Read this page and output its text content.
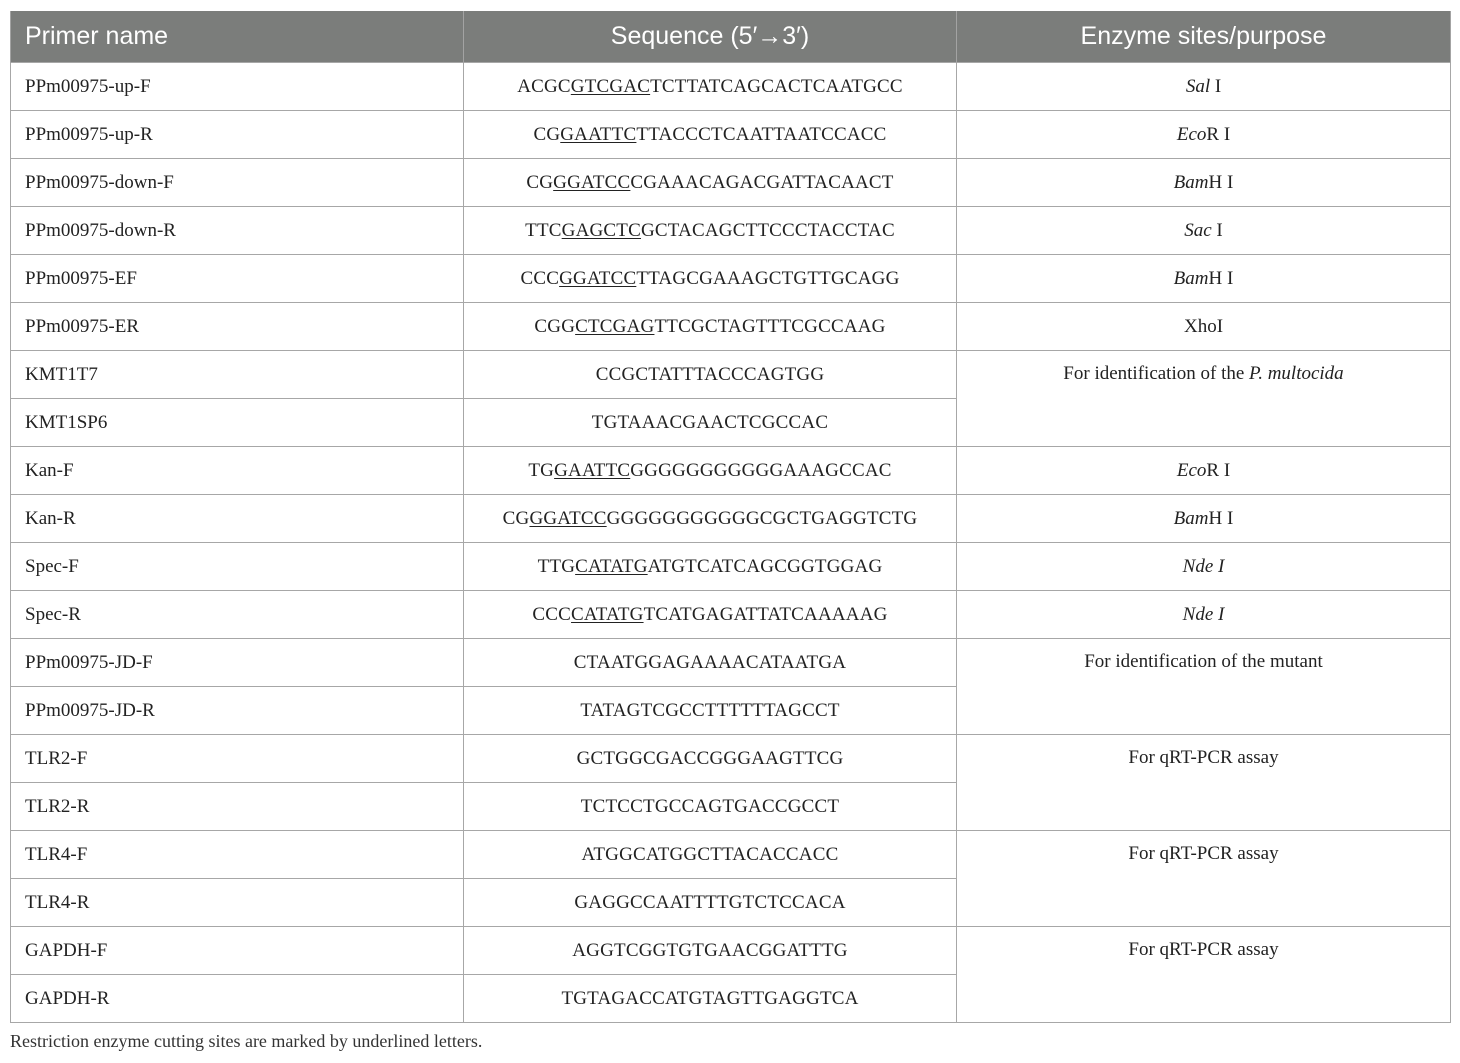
Primer name	Sequence (5′→3′)	Enzyme sites/purpose
PPm00975-up-F	ACGCGTCGACTCTTATCAGCACTCAATGCC	Sal I
PPm00975-up-R	CGGAATTCTTACCCTCAATTAATCCACC	EcoR I
PPm00975-down-F	CGGGATCCCGAAACAGACGATTACAACT	BamH I
PPm00975-down-R	TTCGAGCTCGCTACAGCTTCCCTACCTAC	Sac I
PPm00975-EF	CCCGGATCCTTAGCGAAAGCTGTTGCAGG	BamH I
PPm00975-ER	CGGCTCGAGTTCGCTAGTTTCGCCAAG	XhoI
KMT1T7	CCGCTATTTACCCAGTGG	For identification of the P. multocida
KMT1SP6	TGTAAACGAACTCGCCAC	
Kan-F	TGGAATTCGGGGGGGGGGGAAAGCCAC	EcoR I
Kan-R	CGGGATCCGGGGGGGGGGGCGCTGAGGTCTG	BamH I
Spec-F	TTGCATATGATGTCATCAGCGGTGGAG	Nde I
Spec-R	CCCCATATGTCATGAGATTATCAAAAAG	Nde I
PPm00975-JD-F	CTAATGGAGAAAACATAATGA	For identification of the mutant
PPm00975-JD-R	TATAGTCGCCTTTTTTAGCCT	
TLR2-F	GCTGGCGACCGGGAAGTTCG	For qRT-PCR assay
TLR2-R	TCTCCTGCCAGTGACCGCCT	
TLR4-F	ATGGCATGGCTTACACCACC	For qRT-PCR assay
TLR4-R	GAGGCCAATTTTGTCTCCACA	
GAPDH-F	AGGTCGGTGTGAACGGATTTG	For qRT-PCR assay
GAPDH-R	TGTAGACCATGTAGTTGAGGTCA	
Restriction enzyme cutting sites are marked by underlined letters.
